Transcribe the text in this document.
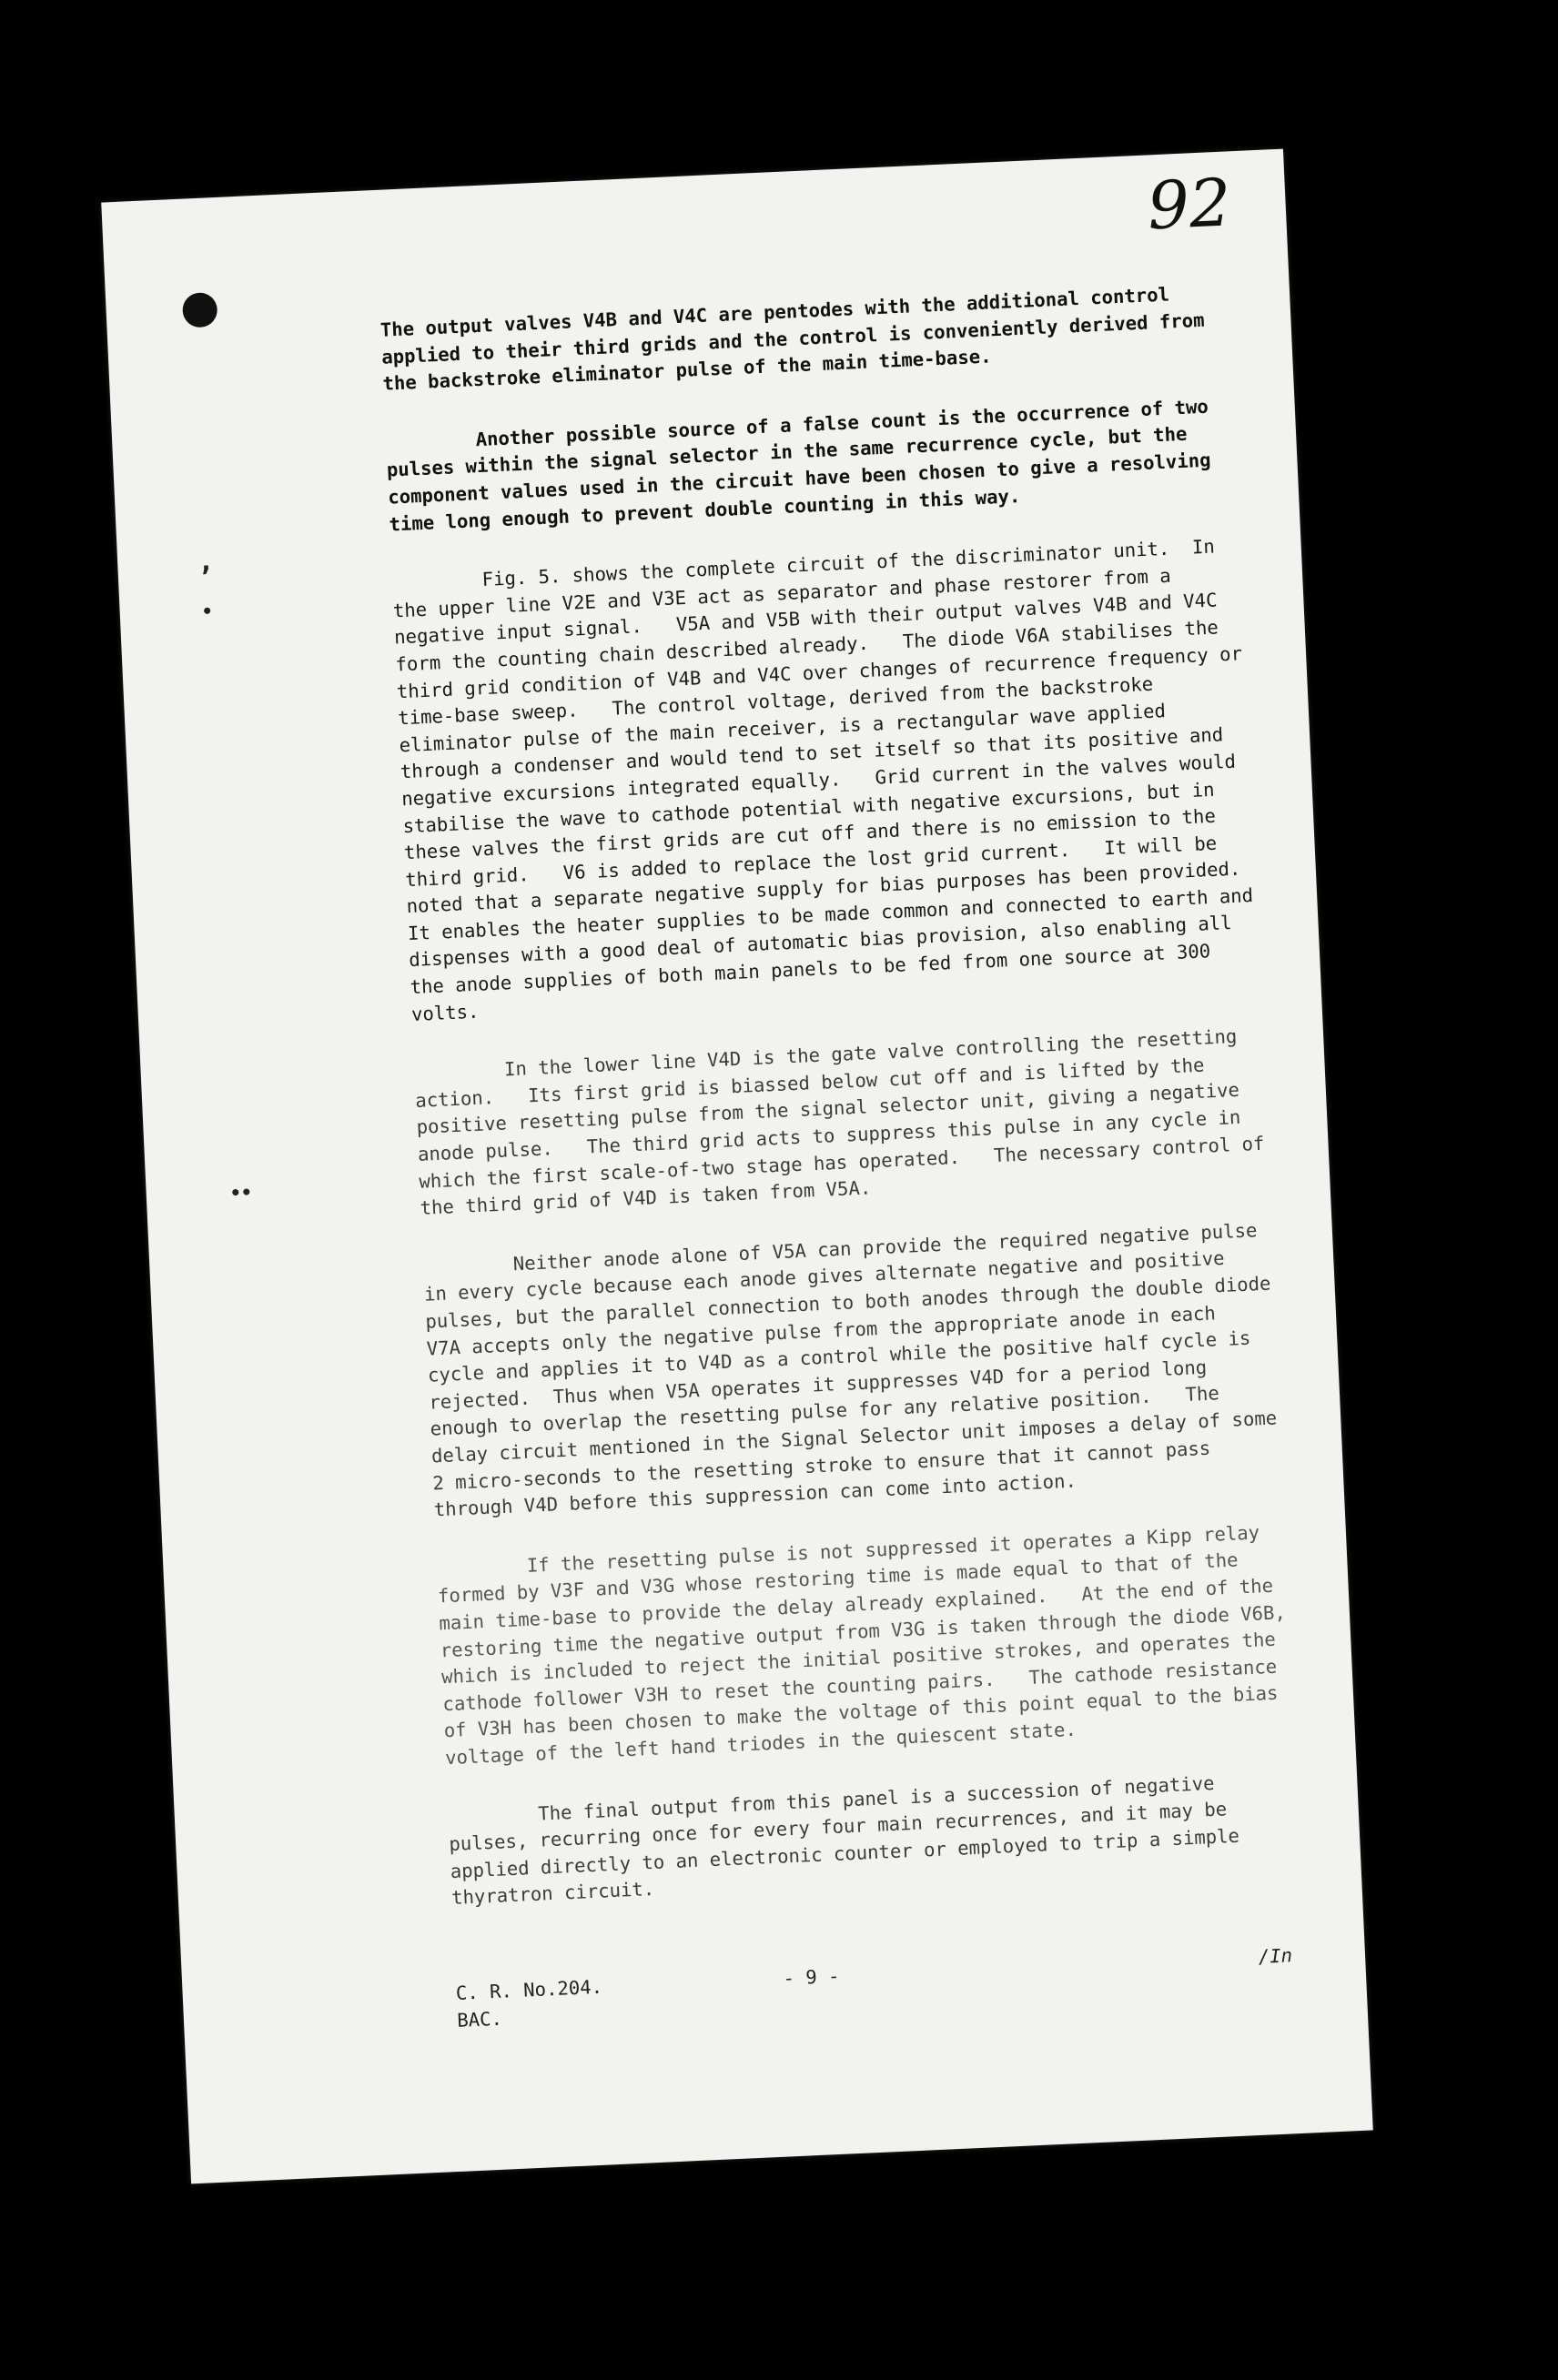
,
•
••
92

The output valves V4B and V4C are pentodes with the additional control applied to their third grids and the control is conveniently derived from the backstroke eliminator pulse of the main time-base.

Another possible source of a false count is the occurrence of two pulses within the signal selector in the same recurrence cycle, but the component values used in the circuit have been chosen to give a resolving time long enough to prevent double counting in this way.

Fig. 5. shows the complete circuit of the discriminator unit.  In the upper line V2E and V3E act as separator and phase restorer from a negative input signal.   V5A and V5B with their output valves V4B and V4C form the counting chain described already.   The diode V6A stabilises the third grid condition of V4B and V4C over changes of recurrence frequency or time-base sweep.   The control voltage, derived from the backstroke eliminator pulse of the main receiver, is a rectangular wave applied through a condenser and would tend to set itself so that its positive and negative excursions integrated equally.   Grid current in the valves would stabilise the wave to cathode potential with negative excursions, but in these valves the first grids are cut off and there is no emission to the third grid.   V6 is added to replace the lost grid current.   It will be noted that a separate negative supply for bias purposes has been provided.   It enables the heater supplies to be made common and connected to earth and dispenses with a good deal of automatic bias provision, also enabling all the anode supplies of both main panels to be fed from one source at 300 volts.

In the lower line V4D is the gate valve controlling the resetting action.   Its first grid is biassed below cut off and is lifted by the positive resetting pulse from the signal selector unit, giving a negative anode pulse.   The third grid acts to suppress this pulse in any cycle in which the first scale-of-two stage has operated.   The necessary control of the third grid of V4D is taken from V5A.

Neither anode alone of V5A can provide the required negative pulse in every cycle because each anode gives alternate negative and positive pulses, but the parallel connection to both anodes through the double diode V7A accepts only the negative pulse from the appropriate anode in each cycle and applies it to V4D as a control while the positive half cycle is rejected.  Thus when V5A operates it suppresses V4D for a period long enough to overlap the resetting pulse for any relative position.   The delay circuit mentioned in the Signal Selector unit imposes a delay of some 2 micro-seconds to the resetting stroke to ensure that it cannot pass through V4D before this suppression can come into action.

If the resetting pulse is not suppressed it operates a Kipp relay formed by V3F and V3G whose restoring time is made equal to that of the main time-base to provide the delay already explained.   At the end of the restoring time the negative output from V3G is taken through the diode V6B, which is included to reject the initial positive strokes, and operates the cathode follower V3H to reset the counting pairs.   The cathode resistance of V3H has been chosen to make the voltage of this point equal to the bias voltage of the left hand triodes in the quiescent state.

The final output from this panel is a succession of negative pulses, recurring once for every four main recurrences, and it may be applied directly to an electronic counter or employed to trip a simple thyratron circuit.

C. R. No.204.
BAC.
- 9 -
/In
